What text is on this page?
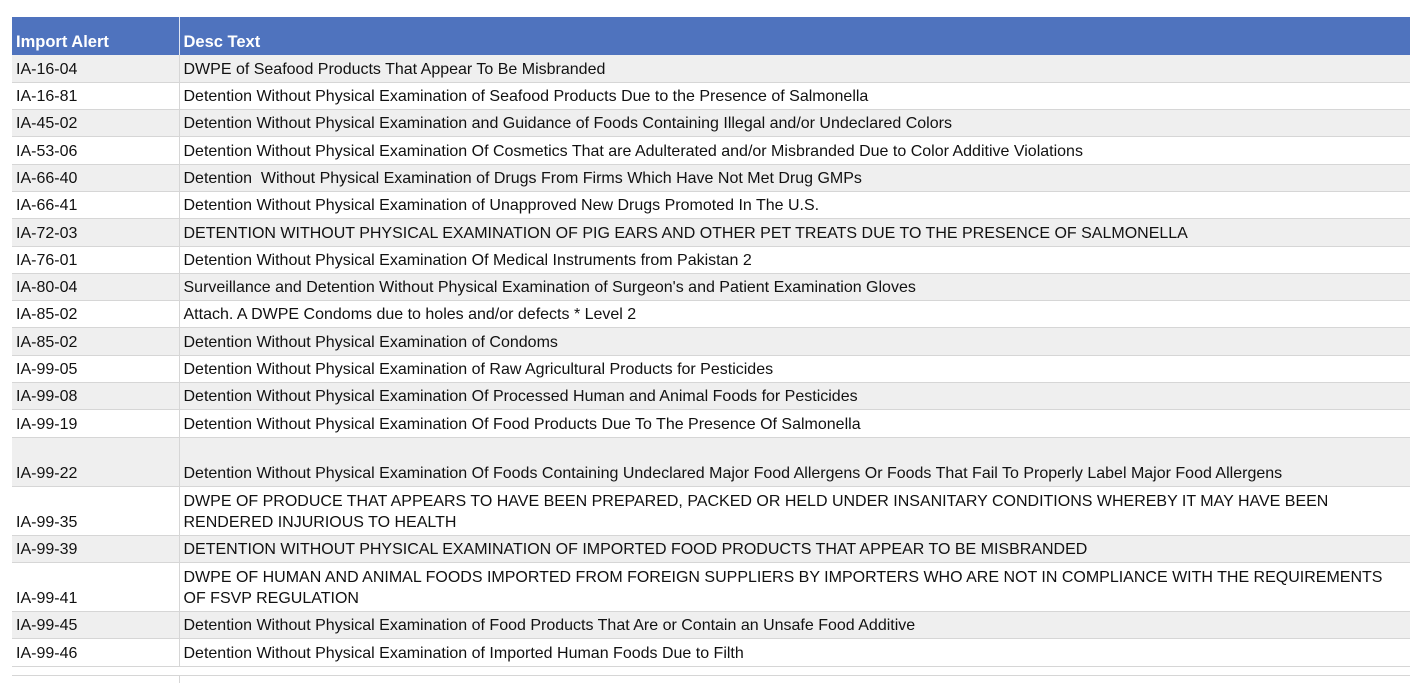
Import Alert	Desc Text
IA-16-04	DWPE of Seafood Products That Appear To Be Misbranded
IA-16-81	Detention Without Physical Examination of Seafood Products Due to the Presence of Salmonella
IA-45-02	Detention Without Physical Examination and Guidance of Foods Containing Illegal and/or Undeclared Colors
IA-53-06	Detention Without Physical Examination Of Cosmetics That are Adulterated and/or Misbranded Due to Color Additive Violations
IA-66-40	Detention  Without Physical Examination of Drugs From Firms Which Have Not Met Drug GMPs
IA-66-41	Detention Without Physical Examination of Unapproved New Drugs Promoted In The U.S.
IA-72-03	DETENTION WITHOUT PHYSICAL EXAMINATION OF PIG EARS AND OTHER PET TREATS DUE TO THE PRESENCE OF SALMONELLA
IA-76-01	Detention Without Physical Examination Of Medical Instruments from Pakistan 2
IA-80-04	Surveillance and Detention Without Physical Examination of Surgeon's and Patient Examination Gloves
IA-85-02	Attach. A DWPE Condoms due to holes and/or defects * Level 2
IA-85-02	Detention Without Physical Examination of Condoms
IA-99-05	Detention Without Physical Examination of Raw Agricultural Products for Pesticides
IA-99-08	Detention Without Physical Examination Of Processed Human and Animal Foods for Pesticides
IA-99-19	Detention Without Physical Examination Of Food Products Due To The Presence Of Salmonella
IA-99-22	Detention Without Physical Examination Of Foods Containing Undeclared Major Food Allergens Or Foods That Fail To Properly Label Major Food Allergens
IA-99-35	DWPE OF PRODUCE THAT APPEARS TO HAVE BEEN PREPARED, PACKED OR HELD UNDER INSANITARY CONDITIONS WHEREBY IT MAY HAVE BEEN RENDERED INJURIOUS TO HEALTH
IA-99-39	DETENTION WITHOUT PHYSICAL EXAMINATION OF IMPORTED FOOD PRODUCTS THAT APPEAR TO BE MISBRANDED
IA-99-41	DWPE OF HUMAN AND ANIMAL FOODS IMPORTED FROM FOREIGN SUPPLIERS BY IMPORTERS WHO ARE NOT IN COMPLIANCE WITH THE REQUIREMENTS OF FSVP REGULATION
IA-99-45	Detention Without Physical Examination of Food Products That Are or Contain an Unsafe Food Additive
IA-99-46	Detention Without Physical Examination of Imported Human Foods Due to Filth
